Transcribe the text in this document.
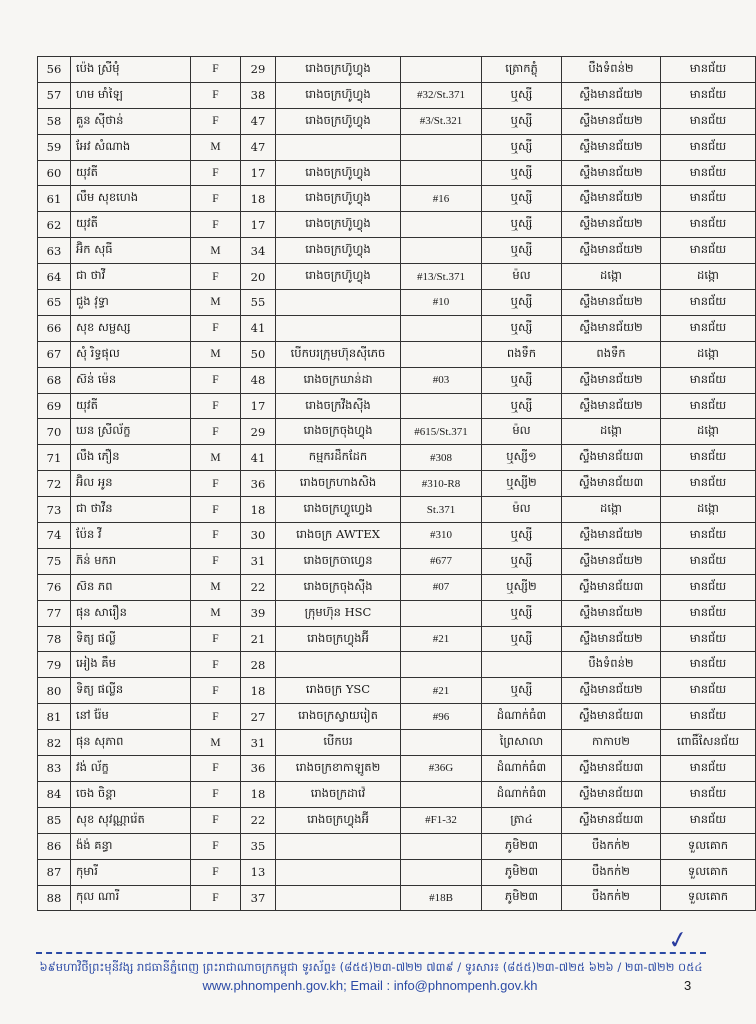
56	ប៉េង ស្រីមុំ	F	29	រោងចក្រហ៊ូហ្វុង		ត្រោកភ្លុំ	បឹងទំពន់២	មានជ័យ
57	ហម មាំឡៃ	F	38	រោងចក្រហ៊ូហ្វុង	#32/St.371	ឬស្សី	ស្ទឹងមានជ័យ២	មានជ័យ
58	គួន ស៊ីថាន់	F	47	រោងចក្រហ៊ូហ្វុង	#3/St.321	ឬស្សី	ស្ទឹងមានជ័យ២	មានជ័យ
59	អែវ សំណាង	M	47			ឬស្សី	ស្ទឹងមានជ័យ២	មានជ័យ
60	យុវតី	F	17	រោងចក្រហ៊ូហ្វុង		ឬស្សី	ស្ទឹងមានជ័យ២	មានជ័យ
61	លឹម សុខហេង	F	18	រោងចក្រហ៊ូហ្វុង	#16	ឬស្សី	ស្ទឹងមានជ័យ២	មានជ័យ
62	យុវតី	F	17	រោងចក្រហ៊ូហ្វុង		ឬស្សី	ស្ទឹងមានជ័យ២	មានជ័យ
63	អ៊ិក សុធី	M	34	រោងចក្រហ៊ូហ្វុង		ឬស្សី	ស្ទឹងមានជ័យ២	មានជ័យ
64	ជា ថាវី	F	20	រោងចក្រហ៊ូហ្វុង	#13/St.371	ម៉ល	ដង្កោ	ដង្កោ
65	ជួង វុទ្ធា	M	55		#10	ឬស្សី	ស្ទឹងមានជ័យ២	មានជ័យ
66	សុខ សម្ផស្ស	F	41			ឬស្សី	ស្ទឹងមានជ័យ២	មានជ័យ
67	សុំ រិទ្ធផុល	M	50	បើកបរក្រុមហ៊ុនស៊ីភេច		ពងទឹក	ពងទឹក	ដង្កោ
68	ស៊ន់ ម៉េន	F	48	រោងចក្រឃាន់ដា	#03	ឬស្សី	ស្ទឹងមានជ័យ២	មានជ័យ
69	យុវតី	F	17	រោងចក្រវីងស៊ីង		ឬស្សី	ស្ទឹងមានជ័យ២	មានជ័យ
70	ឃន ស្រីល័ក្ខ	F	29	រោងចក្រចុងហ្វុង	#615/St.371	ម៉ល	ដង្កោ	ដង្កោ
71	លឹង ភឿន	M	41	កម្មករដឹកដែក	#308	ឬស្សី១	ស្ទឹងមានជ័យ៣	មានជ័យ
72	អ៊ិល អូន	F	36	រោងចក្រហាងសិង	#310-R8	ឬស្សី២	ស្ទឹងមានជ័យ៣	មានជ័យ
73	ជា ថាវីន	F	18	រោងចក្រហ្វូហ្វេង	St.371	ម៉ល	ដង្កោ	ដង្កោ
74	ប៉ែន វី	F	30	រោងចក្រ AWTEX	#310	ឬស្សី	ស្ទឹងមានជ័យ២	មានជ័យ
75	ភ៊ន់ មករា	F	31	រោងចក្រចាហ្វេន	#677	ឬស្សី	ស្ទឹងមានជ័យ២	មានជ័យ
76	ស៊ន ភព	M	22	រោងចក្រចុងស៊ីង	#07	ឬស្សី២	ស្ទឹងមានជ័យ៣	មានជ័យ
77	ផុន សារឿន	M	39	ក្រុមហ៊ុន HSC		ឬស្សី	ស្ទឹងមានជ័យ២	មានជ័យ
78	ទិត្យ ផល្លី	F	21	រោងចក្រហ្វុងអ៊ី	#21	ឬស្សី	ស្ទឹងមានជ័យ២	មានជ័យ
79	អៀង គឹម	F	28				បឹងទំពន់២	មានជ័យ
80	ទិត្យ ផល្លីន	F	18	រោងចក្រ YSC	#21	ឬស្សី	ស្ទឹងមានជ័យ២	មានជ័យ
81	នៅ រ៉ែម	F	27	រោងចក្រស្វាយរៀត	#96	ដំណាក់ធំ៣	ស្ទឹងមានជ័យ៣	មានជ័យ
82	ផុន សុភាព	M	31	បើកបរ		ព្រៃសាលា	កាកាប២	ពោធិ៍សែនជ័យ
83	វង់ ល័ក្ខ	F	36	រោងចក្រខាកាឡូត២	#36G	ដំណាក់ធំ៣	ស្ទឹងមានជ័យ៣	មានជ័យ
84	ចេង ចិន្តា	F	18	រោងចក្រដាវ៉េ		ដំណាក់ធំ៣	ស្ទឹងមានជ័យ៣	មានជ័យ
85	សុខ សុវណ្ណារ៉េត	F	22	រោងចក្រហ្វុងអ៊ី	#F1-32	ត្រា៤	ស្ទឹងមានជ័យ៣	មានជ័យ
86	ង៉ង់ គន្ធា	F	35			ភូមិ២៣	បឹងកក់២	ទួលគោក
87	កុមារី	F	13			ភូមិ២៣	បឹងកក់២	ទួលគោក
88	កុល ណារី	F	37		#18B	ភូមិ២៣	បឹងកក់២	ទួលគោក
✓
៦៩មហាវិថីព្រះមុនីវង្ស រាជធានីភ្នំពេញ ព្រះរាជាណាចក្រកម្ពុជា ទូរស័ព្ទ៖ (៨៥៥)២៣-៧២២ ៧៣៩ / ទូរសារ៖ (៨៥៥)២៣-៧២៥ ៦២៦ / ២៣-៧២២ ០៥៤
www.phnompenh.gov.kh; Email : info@phnompenh.gov.kh	3
